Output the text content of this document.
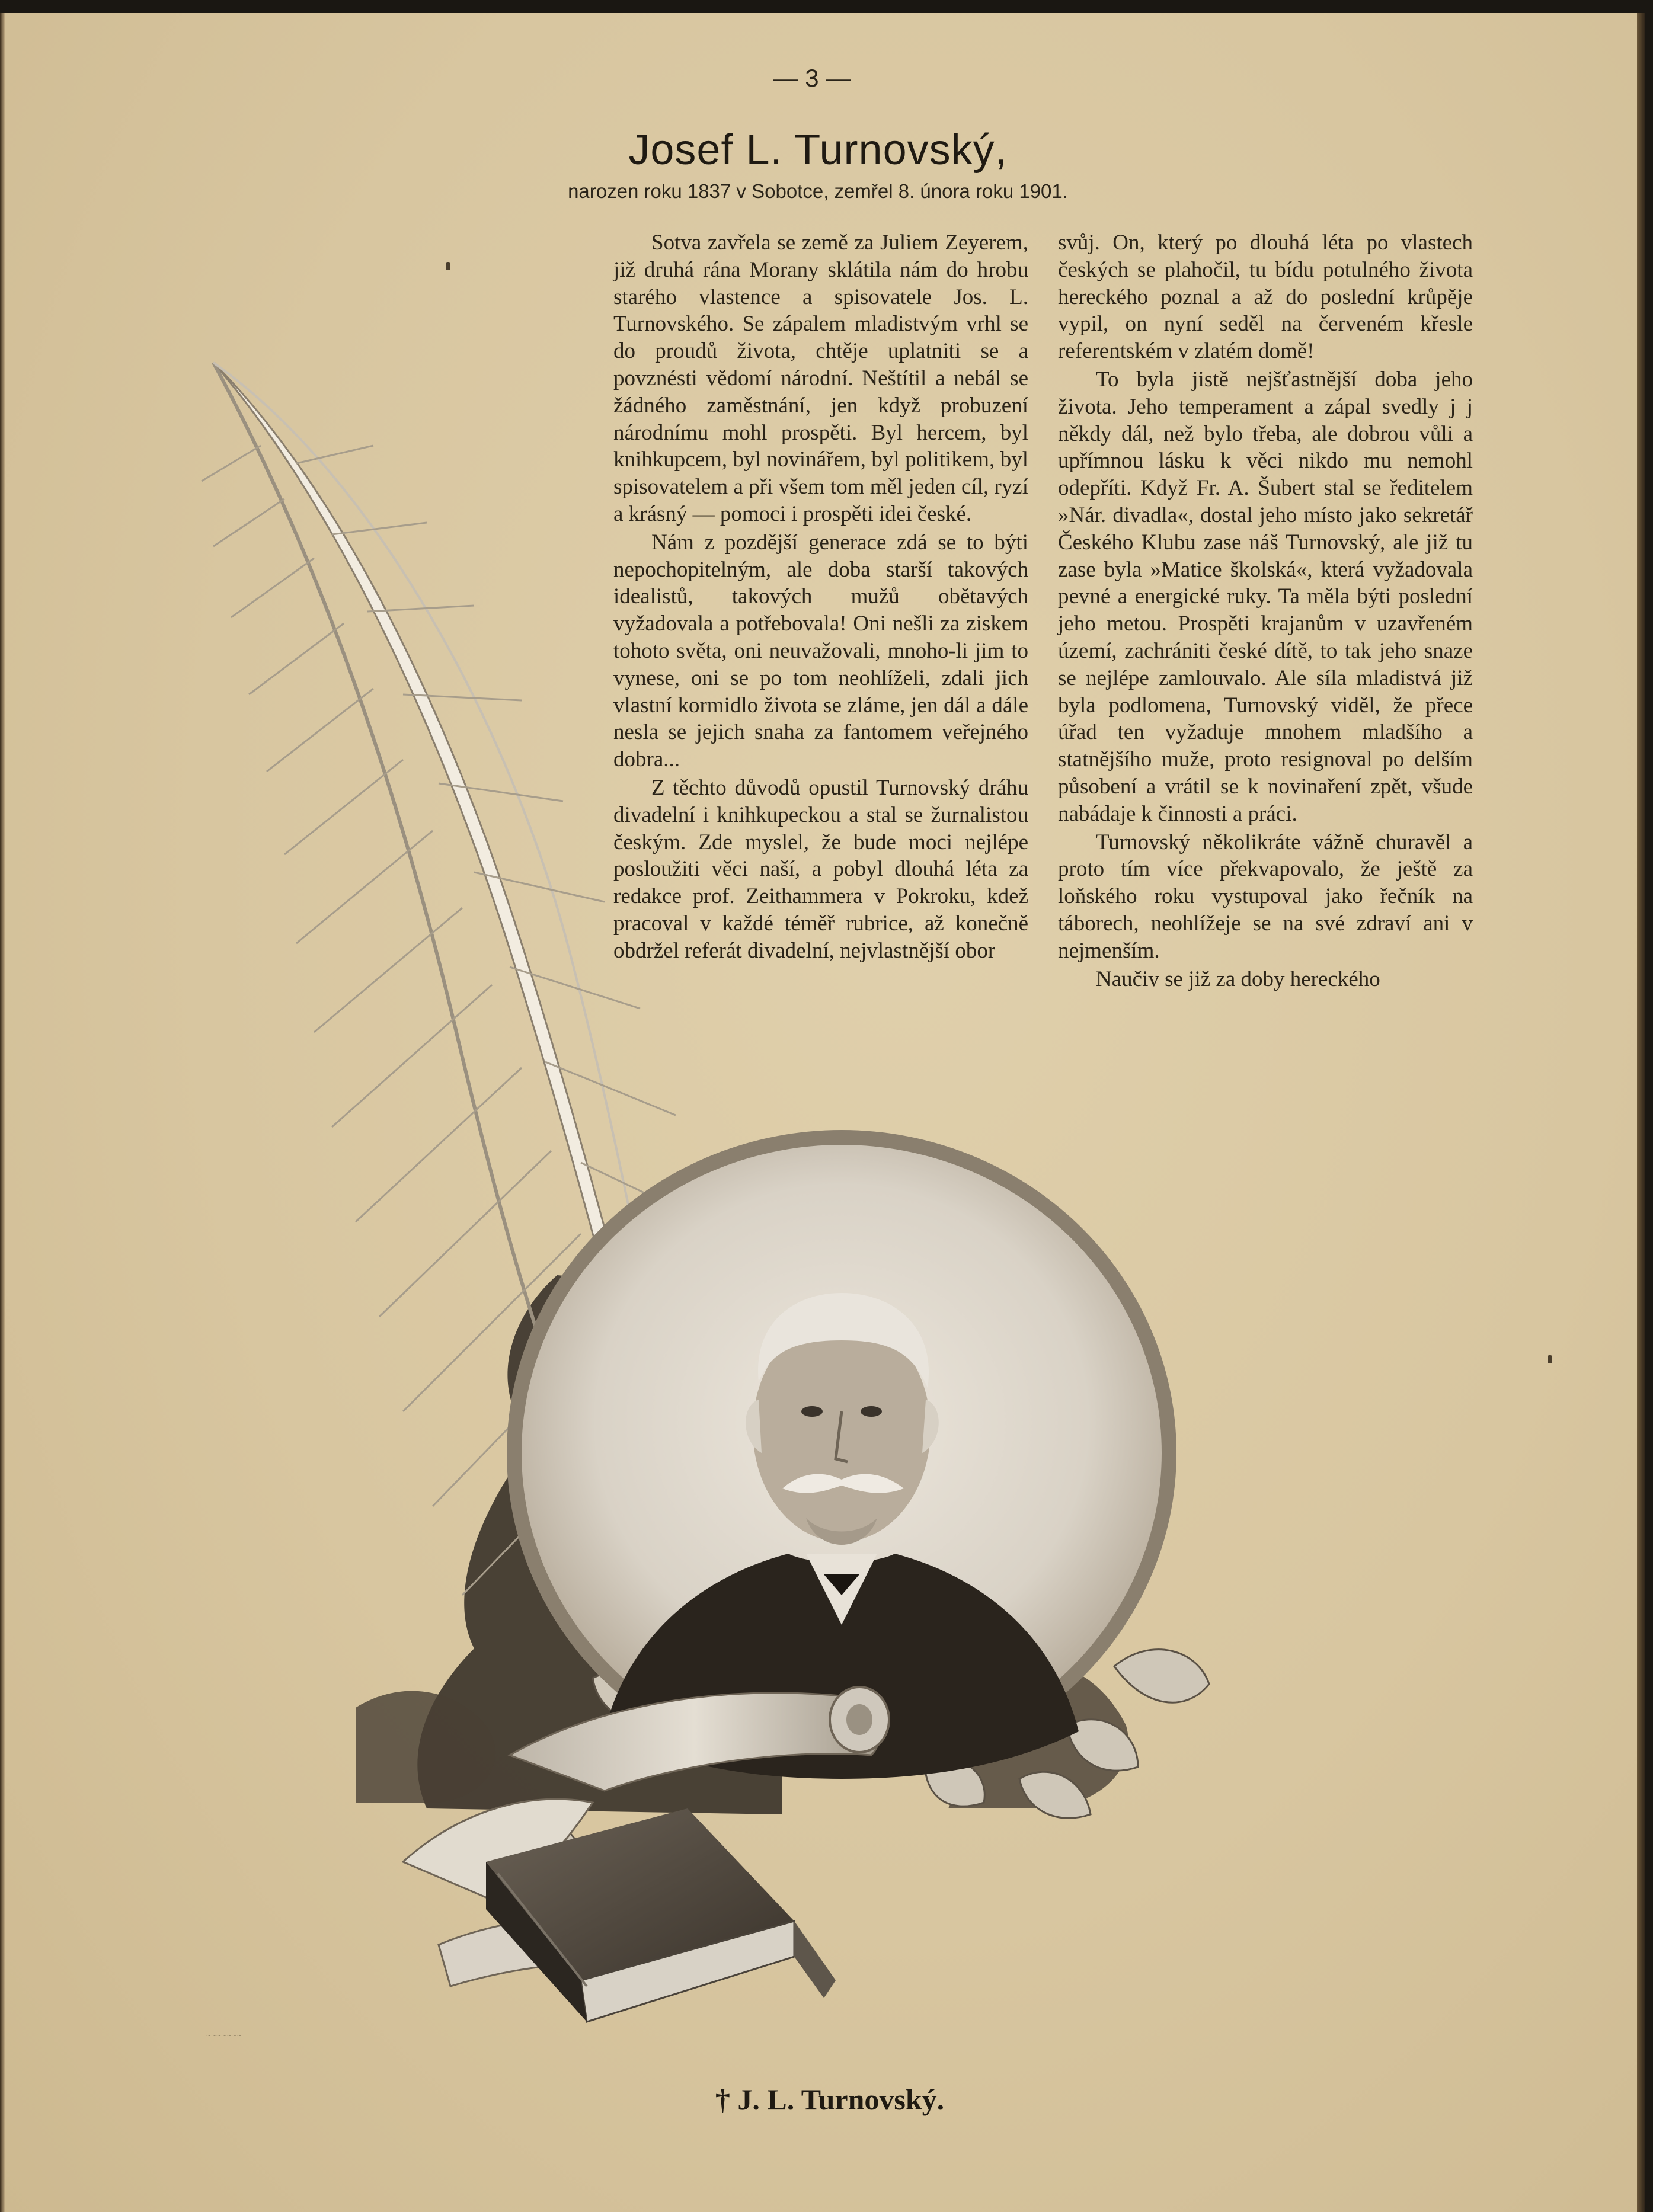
— 3 —
Josef L. Turnovský,
narozen roku 1837 v Sobotce, zemřel 8. února roku 1901.

Sotva zavřela se země za Juliem Zeyerem, již druhá rána Morany sklátila nám do hrobu starého vlastence a spisovatele Jos. L. Turnovského. Se zápalem mladistvým vrhl se do proudů života, chtěje uplatniti se a povznésti vědomí národní. Neštítil a nebál se žádného zaměstnání, jen když probuzení národnímu mohl prospěti. Byl hercem, byl knihkupcem, byl novinářem, byl politikem, byl spisovatelem a při všem tom měl jeden cíl, ryzí a krásný — pomoci i prospěti idei české.

Nám z pozdější generace zdá se to býti nepochopitelným, ale doba starší takových idealistů, takových mužů obětavých vyžadovala a potřebovala! Oni nešli za ziskem tohoto světa, oni neuvažovali, mnoho-li jim to vynese, oni se po tom neohlíželi, zdali jich vlastní kormidlo života se zláme, jen dál a dále nesla se jejich snaha za fantomem veřejného dobra...

Z těchto důvodů opustil Turnovský dráhu divadelní i knihkupeckou a stal se žurnalistou českým. Zde myslel, že bude moci nejlépe posloužiti věci naší, a pobyl dlouhá léta za redakce prof. Zeithammera v Pokroku, kdež pracoval v každé téměř rubrice, až konečně obdržel referát divadelní, nejvlastnější obor

svůj. On, který po dlouhá léta po vlastech českých se plahočil, tu bídu potulného života hereckého poznal a až do poslední krůpěje vypil, on nyní seděl na červeném křesle referentském v zlatém domě!

To byla jistě nejšťastnější doba jeho života. Jeho temperament a zápal svedly j j někdy dál, než bylo třeba, ale dobrou vůli a upřímnou lásku k věci nikdo mu nemohl odepříti. Když Fr. A. Šubert stal se ředitelem »Nár. divadla«, dostal jeho místo jako sekretář Českého Klubu zase náš Turnovský, ale již tu zase byla »Matice školská«, která vyžadovala pevné a energické ruky. Ta měla býti poslední jeho metou. Prospěti krajanům v uzavřeném území, zachrániti české dítě, to tak jeho snaze se nejlépe zamlouvalo. Ale síla mladistvá již byla podlomena, Turnovský viděl, že přece úřad ten vyžaduje mnohem mladšího a statnějšího muže, proto resignoval po delším působení a vrátil se k novinaření zpět, všude nabádaje k činnosti a práci.

Turnovský několikráte vážně churavěl a proto tím více překvapovalo, že ještě za loňského roku vystupoval jako řečník na táborech, neohlížeje se na své zdraví ani v nejmenším.

Naučiv se již za doby hereckého

~~~~~~~
† J. L. Turnovský.
